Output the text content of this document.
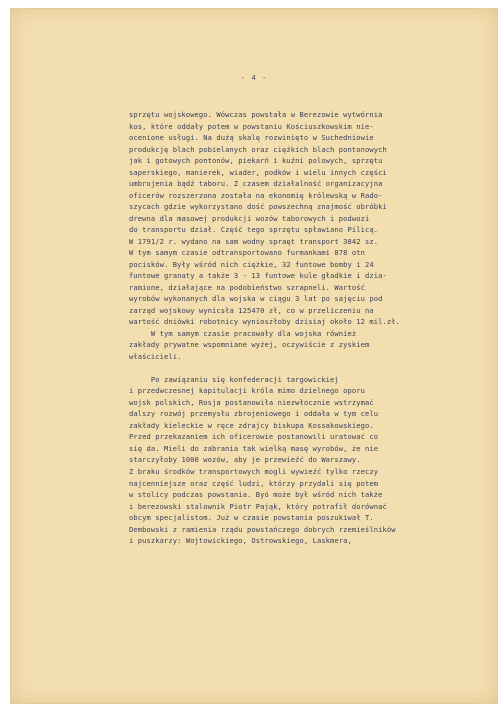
- 4 -
sprzętu wojskowego. Wówczas powstała w Berezowie wytwórnia
kos, które oddały potem w powstaniu Kościuszkowskim nie-
ocenione usługi. Na dużą skalę rozwinięto w Suchedniowie
produkcję blach pobielanych oraz ciężkich blach pontonowych
jak i gotowych pontonów, piekarń i kuźni polowych, sprzętu
saperskiego, manierek, wiader, podków i wielu innych części
umbrojenia bądź taboru. Z czasem działalność organizacyjna
oficerów rozszerzona została na ekonomię królewską w Rado-
szycach gdzie wykorzystano dość powszechną znajmość obróbki
drewna dla masowej produkcji wozów taborowych i podwozi
do transportu dział. Część tego sprzętu spławiano Pilicą.
W 1791/2 r. wydano na sam wodny spraęt transport 3842 sz.
W tym samym czasie odtransportowano furmankami 878 otn
pocisków. Były wśród nich ciężkie, 32 funtowe bomby i 24
funtowe granaty a także 3 - 13 funtowe kule gładkie i dzia-
ramione, działające na podobieństwo szrapneli. Wartość
wyrobów wykonanych dla wojska w ciągu 3 lat po sajęciu pod
zarząd wojskowy wynicsła 125470 zł, co w przeliczeniu na
wartość dniówki robotnicy wynioszłoby dzisiaj około 12 mil.zł.
W tym samym czasie pracowały dla wojska również
zakłady prywatne wspomniane wyżej, oczywiście z zyskiem
właścicieli.
Po zawiązaniu się konfederacji targowickiej
i przedwczesnej kapitulacji króla mimo dzielnego oporu
wojsk polskich, Rosja postanowiła niezwłocznie wstrzymać
dalszy rozwój przemysłu zbrojeniowego i oddała w tym celu
zakłady kieleckie w ręce zdrajcy biskupa Kossakowskiego.
Przed przekazaniem ich oficerowie postanowili uratować co
się da. Mieli do zabrania tak wielką masę wyrobów, że nie
starczyłoby 1000 wozów, aby je przewieźć do Warszawy.
Z braku środków transportowych mogli wywieźć tylko rzeczy
najcenniejsze oraz część ludzi, którzy przydali się potem
w stolicy podczas powstania. Byó może był wśród nich także
i berezowski stalownik Piotr Pająk, który potrafił dorównać
obcym specjalistom. Już w czasie powstania poszukiwał T.
Dembowski z ramienia rządu powstańczego dobrych rzemieślników
i puszkarzy: Wojtowickiego, Ostrowskiego, Laskmera,
